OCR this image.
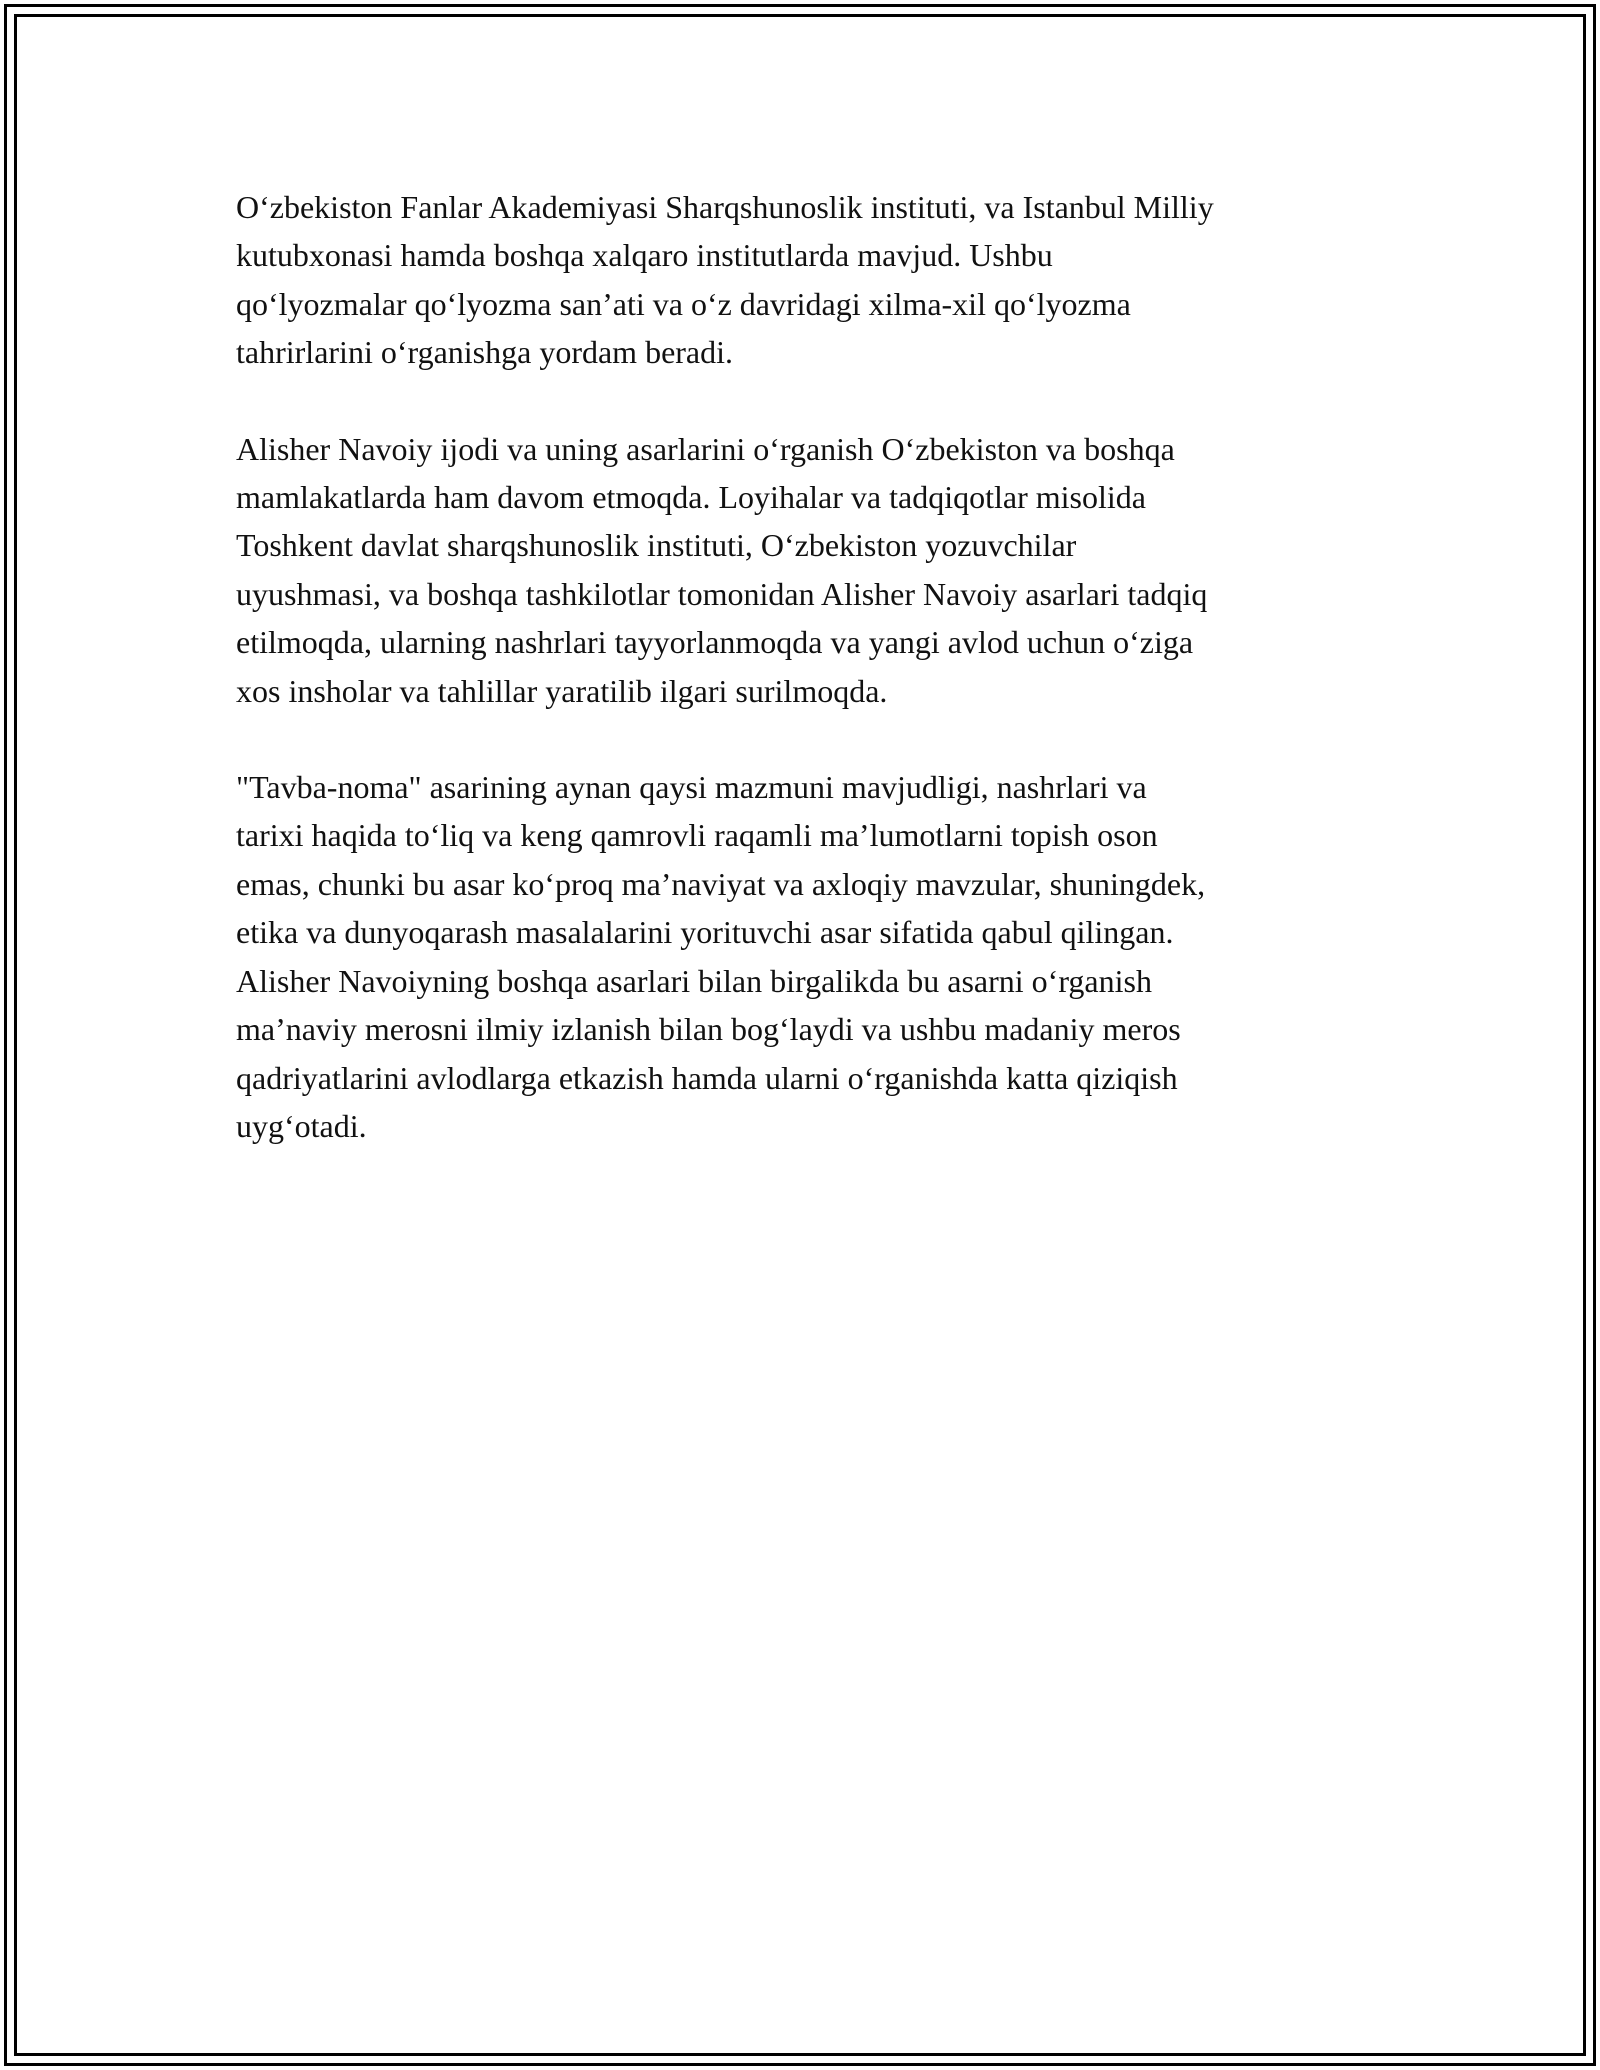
O‘zbekiston Fanlar Akademiyasi Sharqshunoslik instituti, va Istanbul Milliy
kutubxonasi hamda boshqa xalqaro institutlarda mavjud. Ushbu
qo‘lyozmalar qo‘lyozma san’ati va o‘z davridagi xilma-xil qo‘lyozma
tahrirlarini o‘rganishga yordam beradi.

Alisher Navoiy ijodi va uning asarlarini o‘rganish O‘zbekiston va boshqa
mamlakatlarda ham davom etmoqda. Loyihalar va tadqiqotlar misolida
Toshkent davlat sharqshunoslik instituti, O‘zbekiston yozuvchilar
uyushmasi, va boshqa tashkilotlar tomonidan Alisher Navoiy asarlari tadqiq
etilmoqda, ularning nashrlari tayyorlanmoqda va yangi avlod uchun o‘ziga
xos insholar va tahlillar yaratilib ilgari surilmoqda.

"Tavba-noma" asarining aynan qaysi mazmuni mavjudligi, nashrlari va
tarixi haqida to‘liq va keng qamrovli raqamli ma’lumotlarni topish oson
emas, chunki bu asar ko‘proq ma’naviyat va axloqiy mavzular, shuningdek,
etika va dunyoqarash masalalarini yorituvchi asar sifatida qabul qilingan.
Alisher Navoiyning boshqa asarlari bilan birgalikda bu asarni o‘rganish
ma’naviy merosni ilmiy izlanish bilan bog‘laydi va ushbu madaniy meros
qadriyatlarini avlodlarga etkazish hamda ularni o‘rganishda katta qiziqish
uyg‘otadi.
